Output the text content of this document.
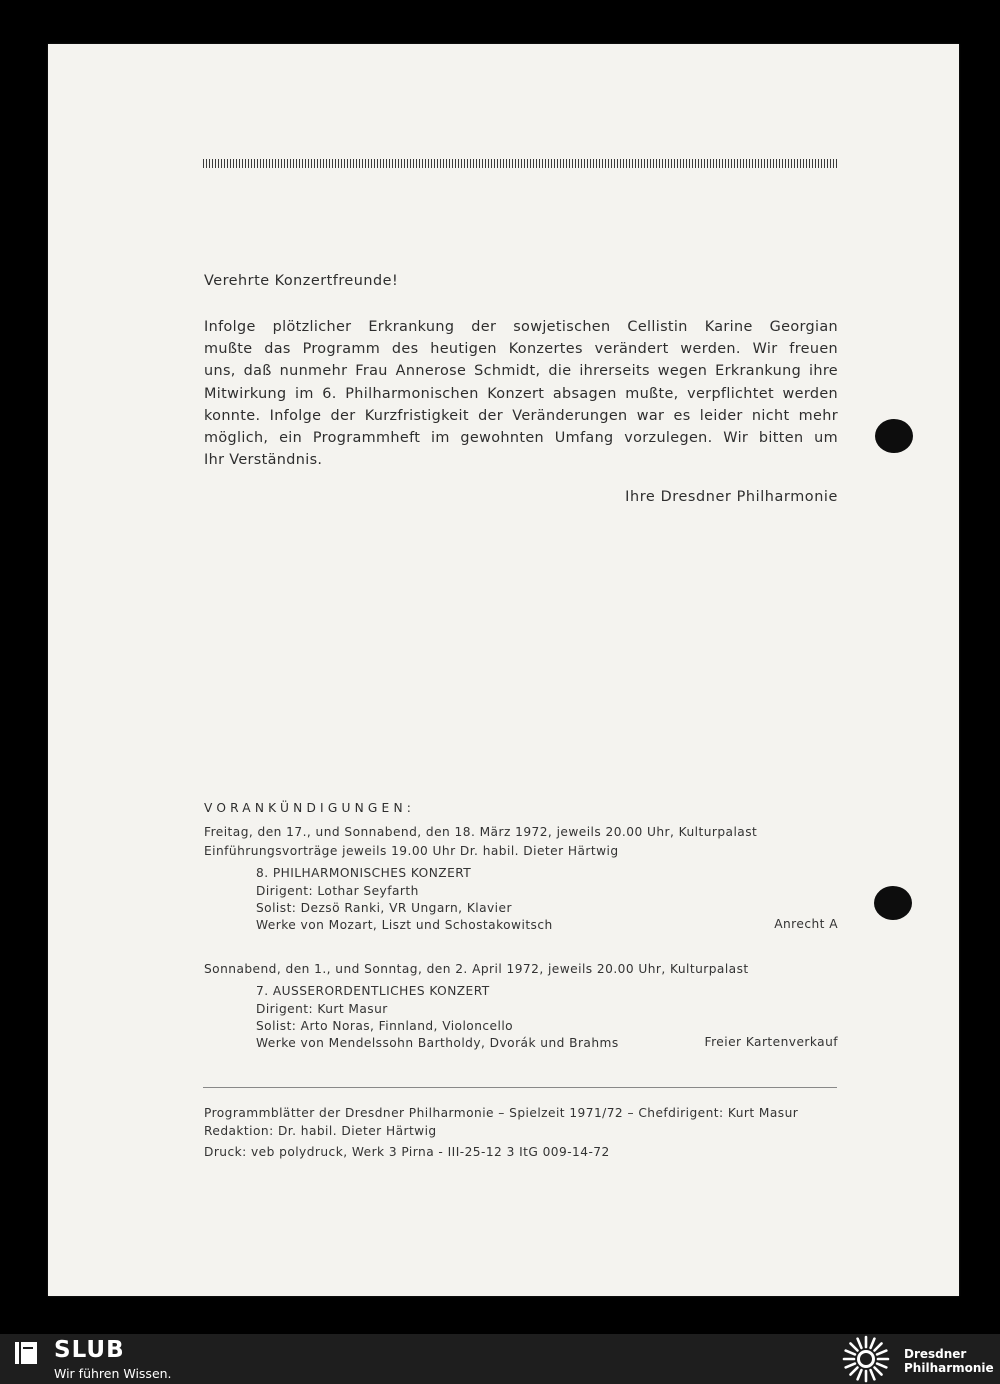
Verehrte Konzertfreunde!
Infolge plötzlicher Erkrankung der sowjetischen Cellistin Karine Georgian
mußte das Programm des heutigen Konzertes verändert werden. Wir freuen
uns, daß nunmehr Frau Annerose Schmidt, die ihrerseits wegen Erkrankung ihre
Mitwirkung im 6. Philharmonischen Konzert absagen mußte, verpflichtet werden
konnte. Infolge der Kurzfristigkeit der Veränderungen war es leider nicht mehr
möglich, ein Programmheft im gewohnten Umfang vorzulegen. Wir bitten um
Ihr Verständnis.
Ihre Dresdner Philharmonie
VORANKÜNDIGUNGEN:
Freitag, den 17., und Sonnabend, den 18. März 1972, jeweils 20.00 Uhr, Kulturpalast
Einführungsvorträge jeweils 19.00 Uhr Dr. habil. Dieter Härtwig
8. PHILHARMONISCHES KONZERT
Dirigent: Lothar Seyfarth
Solist: Dezsö Ranki, VR Ungarn, Klavier
Werke von Mozart, Liszt und Schostakowitsch	Anrecht A
Sonnabend, den 1., und Sonntag, den 2. April 1972, jeweils 20.00 Uhr, Kulturpalast
7. AUSSERORDENTLICHES KONZERT
Dirigent: Kurt Masur
Solist: Arto Noras, Finnland, Violoncello
Werke von Mendelssohn Bartholdy, Dvorák und Brahms	Freier Kartenverkauf
Programmblätter der Dresdner Philharmonie – Spielzeit 1971/72 – Chefdirigent: Kurt Masur
Redaktion: Dr. habil. Dieter Härtwig
Druck: veb polydruck, Werk 3 Pirna - III-25-12 3 ItG 009-14-72
SLUB
Wir führen Wissen.
Dresdner
Philharmonie
